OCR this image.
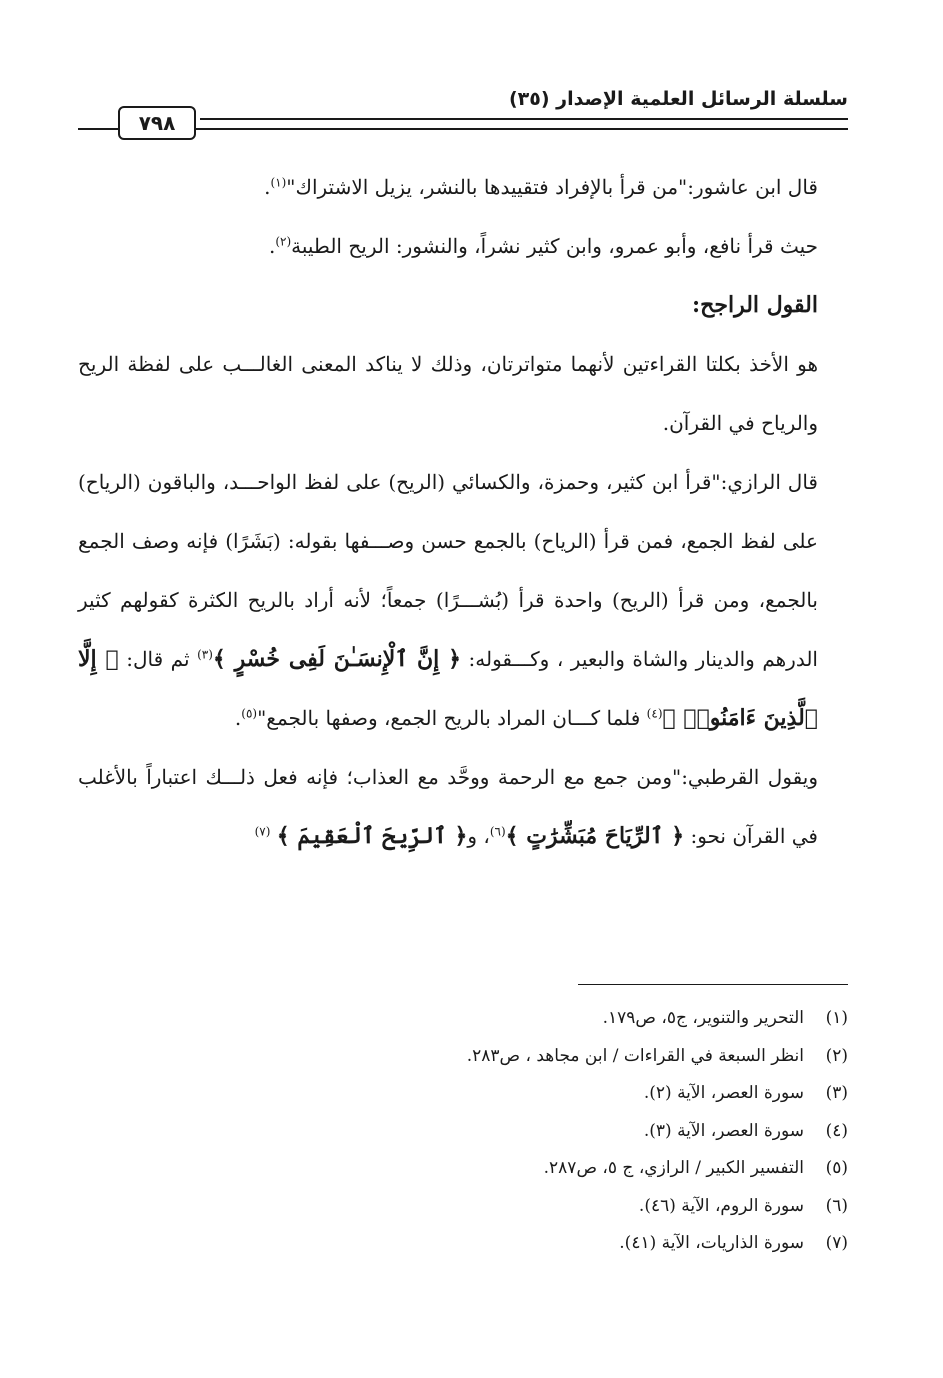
سلسلة الرسائل العلمية الإصدار (٣٥)
٧٩٨

قال ابن عاشور:"من قرأ بالإفراد فتقييدها بالنشر، يزيل الاشتراك"$^{(١)}$.

حيث قرأ نافع، وأبو عمرو، وابن كثير نشراً، والنشور: الريح الطيبة$^{(٢)}$.

القول الراجح:

هو الأخذ بكلتا القراءتين لأنهما متواترتان، وذلك لا يناكد المعنى الغالـــب على لفظة الريح والرياح في القرآن.

قال الرازي:"قرأ ابن كثير، وحمزة، والكسائي (الريح) على لفظ الواحـــد، والباقون (الرياح) على لفظ الجمع، فمن قرأ (الرياح) بالجمع حسن وصـــفها بقوله: (بَشَرًا) فإنه وصف الجمع بالجمع، ومن قرأ (الريح) واحدة قرأ (بُشـــرًا) جمعاً؛ لأنه أراد بالريح الكثرة كقولهم كثير الدرهم والدينار والشاة والبعير ، وكـــقوله: ﴿ إِنَّ ٱلْإِنسَـٰنَ لَفِى خُسْرٍ ﴾$^{(٣)}$ ثم قال: ﴿ إِلَّا ٱلَّذِينَ ءَامَنُوا۟ ﴾$^{(٤)}$ فلما كـــان المراد بالريح الجمع، وصفها بالجمع"$^{(٥)}$.

ويقول القرطبي:"ومن جمع مع الرحمة ووحَّد مع العذاب؛ فإنه فعل ذلـــك اعتباراً بالأغلب في القرآن نحو: ﴿ ٱلرِّيَاحَ مُبَشِّرَٰتٍ ﴾$^{(٦)}$، و﴿ ٱلرِّيحَ ٱلْعَقِيمَ ﴾ $^{(٧)}$

(١)
التحرير والتنوير، ج٥، ص١٧٩.
(٢)
انظر السبعة في القراءات / ابن مجاهد ، ص٢٨٣.
(٣)
سورة العصر، الآية (٢).
(٤)
سورة العصر، الآية (٣).
(٥)
التفسير الكبير / الرازي، ج ٥، ص٢٨٧.
(٦)
سورة الروم، الآية (٤٦).
(٧)
سورة الذاريات، الآية (٤١).
